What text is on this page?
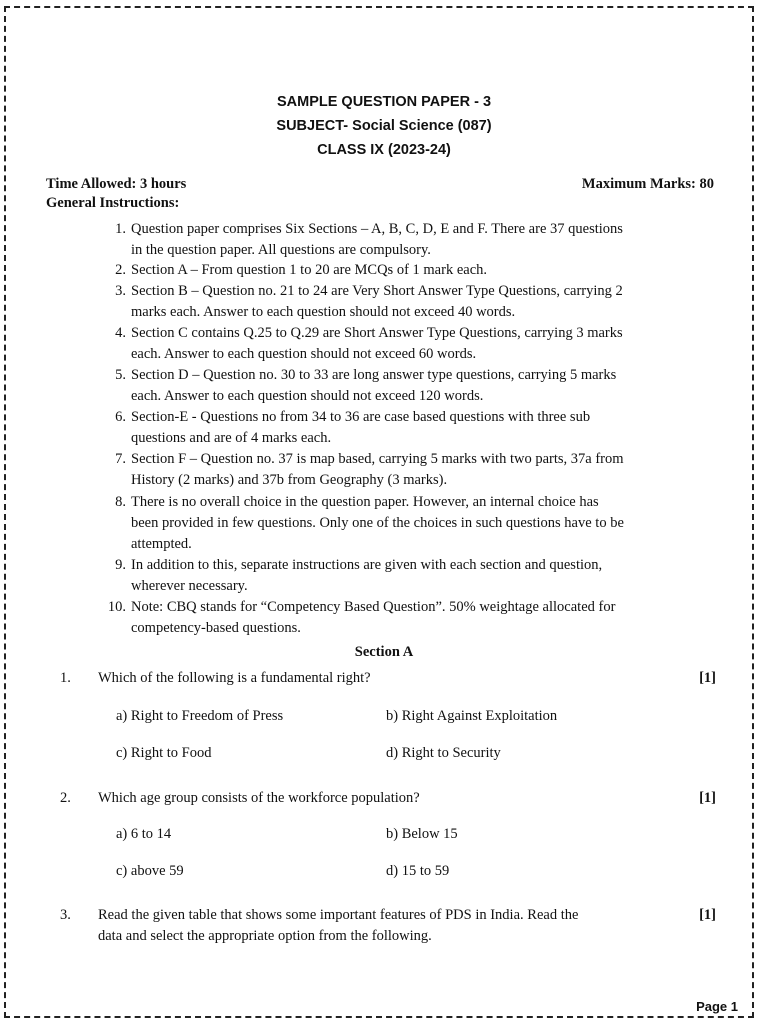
SAMPLE QUESTION PAPER - 3
SUBJECT- Social Science (087)
CLASS IX (2023-24)
Time Allowed: 3 hours	Maximum Marks: 80
General Instructions:
1. Question paper comprises Six Sections – A, B, C, D, E and F. There are 37 questions
in the question paper. All questions are compulsory.
2. Section A – From question 1 to 20 are MCQs of 1 mark each.
3. Section B – Question no. 21 to 24 are Very Short Answer Type Questions, carrying 2
marks each. Answer to each question should not exceed 40 words.
4. Section C contains Q.25 to Q.29 are Short Answer Type Questions, carrying 3 marks
each. Answer to each question should not exceed 60 words.
5. Section D – Question no. 30 to 33 are long answer type questions, carrying 5 marks
each. Answer to each question should not exceed 120 words.
6. Section-E - Questions no from 34 to 36 are case based questions with three sub
questions and are of 4 marks each.
7. Section F – Question no. 37 is map based, carrying 5 marks with two parts, 37a from
History (2 marks) and 37b from Geography (3 marks).
8. There is no overall choice in the question paper. However, an internal choice has
been provided in few questions. Only one of the choices in such questions have to be
attempted.
9. In addition to this, separate instructions are given with each section and question,
wherever necessary.
10. Note: CBQ stands for “Competency Based Question”. 50% weightage allocated for
competency-based questions.
Section A
1. Which of the following is a fundamental right?	[1]
a) Right to Freedom of Press	b) Right Against Exploitation
c) Right to Food	d) Right to Security
2. Which age group consists of the workforce population?	[1]
a) 6 to 14	b) Below 15
c) above 59	d) 15 to 59
3. Read the given table that shows some important features of PDS in India. Read the
data and select the appropriate option from the following.
[1]
Page 1
